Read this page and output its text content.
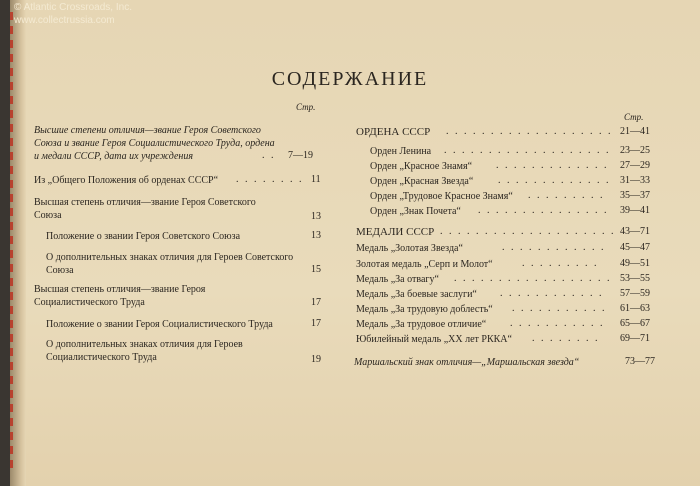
© Atlantic Crossroads, Inc.
www.collectrussia.com
СОДЕРЖАНИЕ
Стр.
Стр.
Высшие степени отличия—звание Героя Советского Союза и звание Героя Социалистического Труда, ордена и медали СССР, дата их учреждения	. .	7—19
Из „Общего Положения об орденах СССР“	. . . . . . . . 11
Высшая степень отличия—звание Героя Советского Союза	13
Положение о звании Героя Советского Союза	13
О дополнительных знаках отличия для Героев Советского Союза	15
Высшая степень отличия—звание Героя Социалистического Труда	17
Положение о звании Героя Социалистического Труда	17
О дополнительных знаках отличия для Героев Социалистического Труда	19
ОРДЕНА СССР . . . . . . . . . . . . . . . . . . . 21—41
Орден Ленина . . . . . . . . . . . . . . . . . . . 23—25
Орден „Красное Знамя“ . . . . . . . . . . . . . 27—29
Орден „Красная Звезда“ . . . . . . . . . . . . . 31—33
Орден „Трудовое Красное Знамя“ . . . . . . . . . 35—37
Орден „Знак Почета“ . . . . . . . . . . . . . . . 39—41
МЕДАЛИ СССР . . . . . . . . . . . . . . . . . . . . 43—71
Медаль „Золотая Звезда“	. . . . . . . . . . . . 45—47
Золотая медаль „Серп и Молот“	. . . . . . . . . 49—51
Медаль „За отвагу“ . . . . . . . . . . . . . . . . . . 53—55
Медаль „За боевые заслуги“ . . . . . . . . . . . . 57—59
Медаль „За трудовую доблесть“ . . . . . . . . . . . 61—63
Медаль „За трудовое отличие“ . . . . . . . . . . . 65—67
Юбилейный медаль „XX лет РККА“ . . . . . . . . 69—71
Маршальский знак отличия—„Маршальская звезда“	73—77
